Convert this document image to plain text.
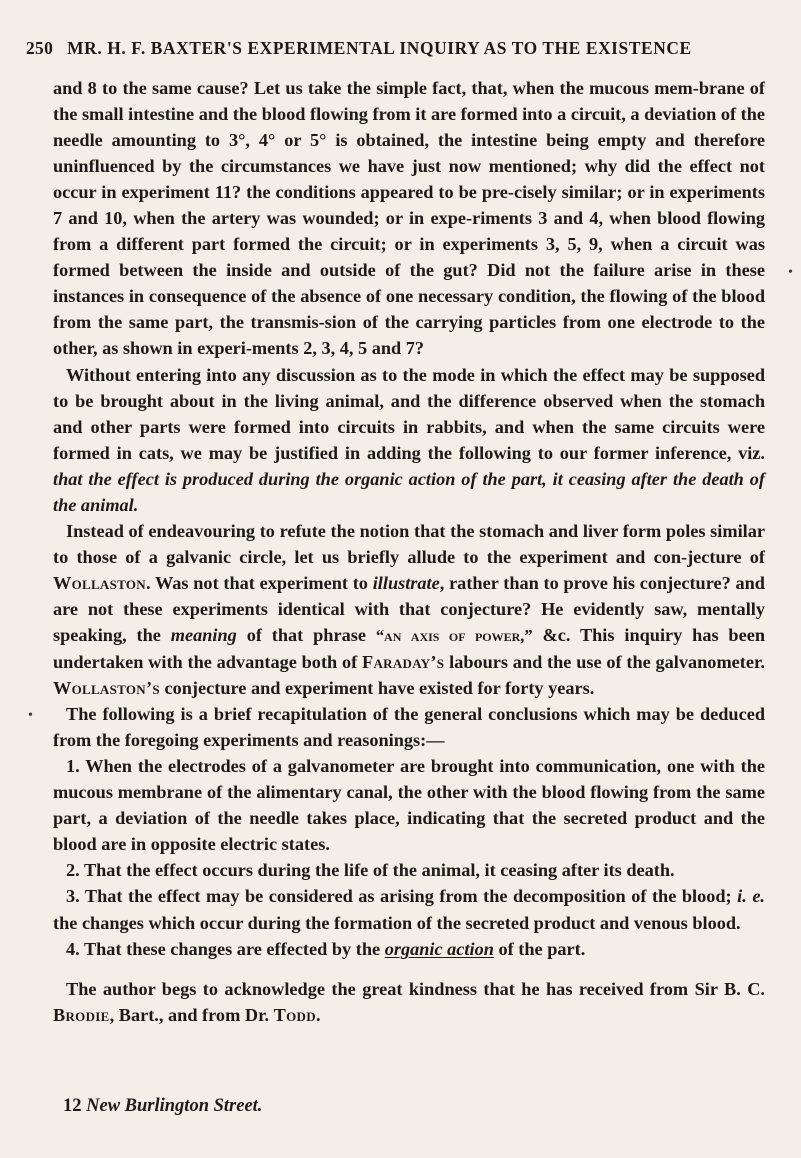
250 MR. H. F. BAXTER'S EXPERIMENTAL INQUIRY AS TO THE EXISTENCE

and 8 to the same cause? Let us take the simple fact, that, when the mucous mem-brane of the small intestine and the blood flowing from it are formed into a circuit, a deviation of the needle amounting to 3°, 4° or 5° is obtained, the intestine being empty and therefore uninfluenced by the circumstances we have just now mentioned; why did the effect not occur in experiment 11? the conditions appeared to be pre-cisely similar; or in experiments 7 and 10, when the artery was wounded; or in expe-riments 3 and 4, when blood flowing from a different part formed the circuit; or in experiments 3, 5, 9, when a circuit was formed between the inside and outside of the gut? Did not the failure arise in these instances in consequence of the absence of one necessary condition, the flowing of the blood from the same part, the transmis-sion of the carrying particles from one electrode to the other, as shown in experi-ments 2, 3, 4, 5 and 7?

Without entering into any discussion as to the mode in which the effect may be supposed to be brought about in the living animal, and the difference observed when the stomach and other parts were formed into circuits in rabbits, and when the same circuits were formed in cats, we may be justified in adding the following to our former inference, viz. that the effect is produced during the organic action of the part, it ceasing after the death of the animal.

Instead of endeavouring to refute the notion that the stomach and liver form poles similar to those of a galvanic circle, let us briefly allude to the experiment and con-jecture of Wollaston. Was not that experiment to illustrate, rather than to prove his conjecture? and are not these experiments identical with that conjecture? He evidently saw, mentally speaking, the meaning of that phrase “an axis of power,” &c. This inquiry has been undertaken with the advantage both of Faraday’s labours and the use of the galvanometer. Wollaston’s conjecture and experiment have existed for forty years.

The following is a brief recapitulation of the general conclusions which may be deduced from the foregoing experiments and reasonings:—

1. When the electrodes of a galvanometer are brought into communication, one with the mucous membrane of the alimentary canal, the other with the blood flowing from the same part, a deviation of the needle takes place, indicating that the secreted product and the blood are in opposite electric states.

2. That the effect occurs during the life of the animal, it ceasing after its death.

3. That the effect may be considered as arising from the decomposition of the blood; i. e. the changes which occur during the formation of the secreted product and venous blood.

4. That these changes are effected by the organic action of the part.

The author begs to acknowledge the great kindness that he has received from Sir B. C. Brodie, Bart., and from Dr. Todd.

12 New Burlington Street.
•
•
